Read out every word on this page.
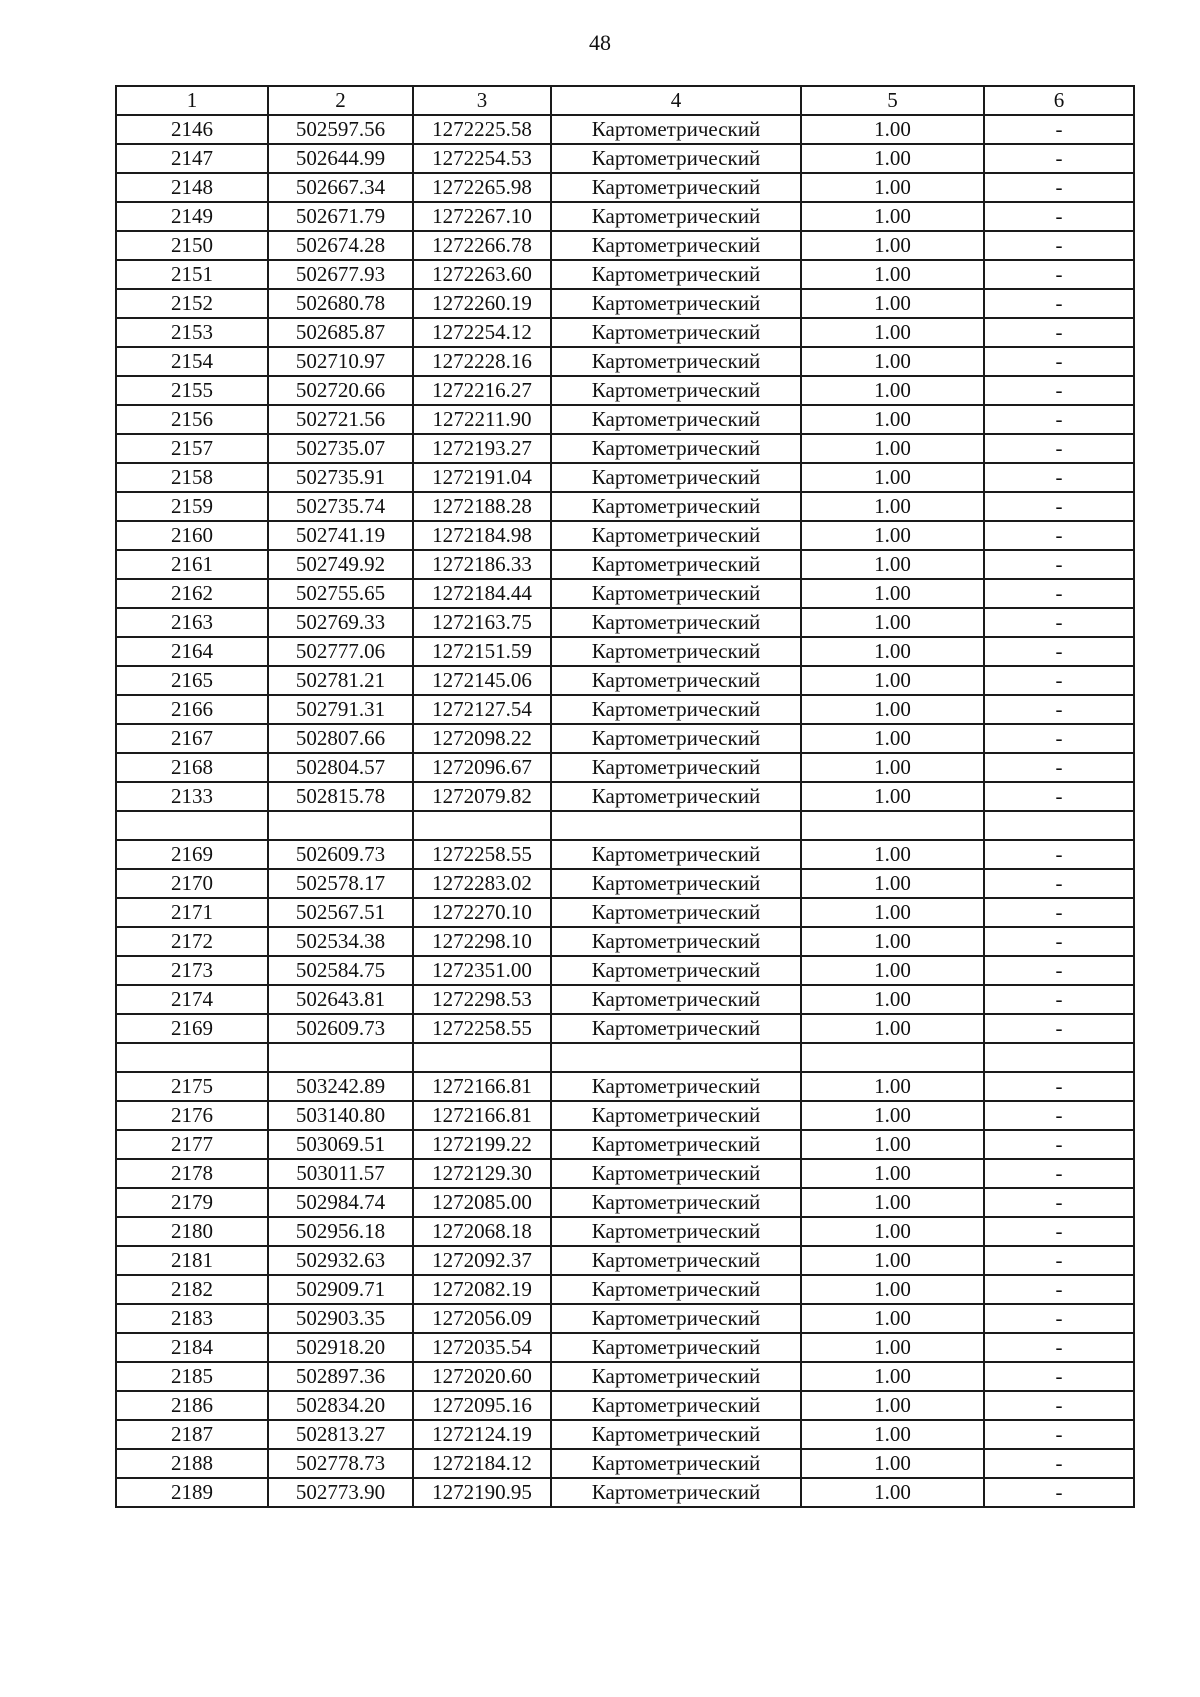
48
1	2	3	4	5	6
2146	502597.56	1272225.58	Картометрический	1.00	-
2147	502644.99	1272254.53	Картометрический	1.00	-
2148	502667.34	1272265.98	Картометрический	1.00	-
2149	502671.79	1272267.10	Картометрический	1.00	-
2150	502674.28	1272266.78	Картометрический	1.00	-
2151	502677.93	1272263.60	Картометрический	1.00	-
2152	502680.78	1272260.19	Картометрический	1.00	-
2153	502685.87	1272254.12	Картометрический	1.00	-
2154	502710.97	1272228.16	Картометрический	1.00	-
2155	502720.66	1272216.27	Картометрический	1.00	-
2156	502721.56	1272211.90	Картометрический	1.00	-
2157	502735.07	1272193.27	Картометрический	1.00	-
2158	502735.91	1272191.04	Картометрический	1.00	-
2159	502735.74	1272188.28	Картометрический	1.00	-
2160	502741.19	1272184.98	Картометрический	1.00	-
2161	502749.92	1272186.33	Картометрический	1.00	-
2162	502755.65	1272184.44	Картометрический	1.00	-
2163	502769.33	1272163.75	Картометрический	1.00	-
2164	502777.06	1272151.59	Картометрический	1.00	-
2165	502781.21	1272145.06	Картометрический	1.00	-
2166	502791.31	1272127.54	Картометрический	1.00	-
2167	502807.66	1272098.22	Картометрический	1.00	-
2168	502804.57	1272096.67	Картометрический	1.00	-
2133	502815.78	1272079.82	Картометрический	1.00	-

2169	502609.73	1272258.55	Картометрический	1.00	-
2170	502578.17	1272283.02	Картометрический	1.00	-
2171	502567.51	1272270.10	Картометрический	1.00	-
2172	502534.38	1272298.10	Картометрический	1.00	-
2173	502584.75	1272351.00	Картометрический	1.00	-
2174	502643.81	1272298.53	Картометрический	1.00	-
2169	502609.73	1272258.55	Картометрический	1.00	-

2175	503242.89	1272166.81	Картометрический	1.00	-
2176	503140.80	1272166.81	Картометрический	1.00	-
2177	503069.51	1272199.22	Картометрический	1.00	-
2178	503011.57	1272129.30	Картометрический	1.00	-
2179	502984.74	1272085.00	Картометрический	1.00	-
2180	502956.18	1272068.18	Картометрический	1.00	-
2181	502932.63	1272092.37	Картометрический	1.00	-
2182	502909.71	1272082.19	Картометрический	1.00	-
2183	502903.35	1272056.09	Картометрический	1.00	-
2184	502918.20	1272035.54	Картометрический	1.00	-
2185	502897.36	1272020.60	Картометрический	1.00	-
2186	502834.20	1272095.16	Картометрический	1.00	-
2187	502813.27	1272124.19	Картометрический	1.00	-
2188	502778.73	1272184.12	Картометрический	1.00	-
2189	502773.90	1272190.95	Картометрический	1.00	-
